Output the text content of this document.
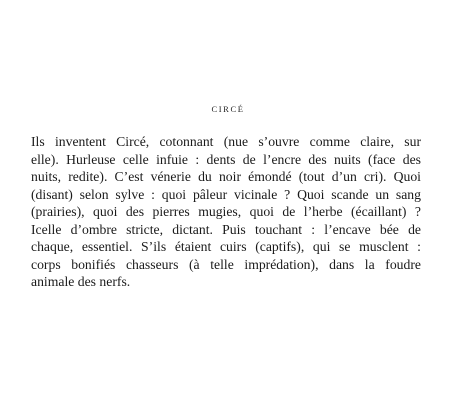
CIRCÉ
Ils inventent Circé, cotonnant (nue s’ouvre comme claire, sur
elle). Hurleuse celle infuie : dents de l’encre des nuits (face des
nuits, redite). C’est vénerie du noir émondé (tout d’un cri). Quoi
(disant) selon sylve : quoi pâleur vicinale ? Quoi scande un sang
(prairies), quoi des pierres mugies, quoi de l’herbe (écaillant) ?
Icelle d’ombre stricte, dictant. Puis touchant : l’encave bée de
chaque, essentiel. S’ils étaient cuirs (captifs), qui se musclent :
corps bonifiés chasseurs (à telle imprédation), dans la foudre
animale des nerfs.
